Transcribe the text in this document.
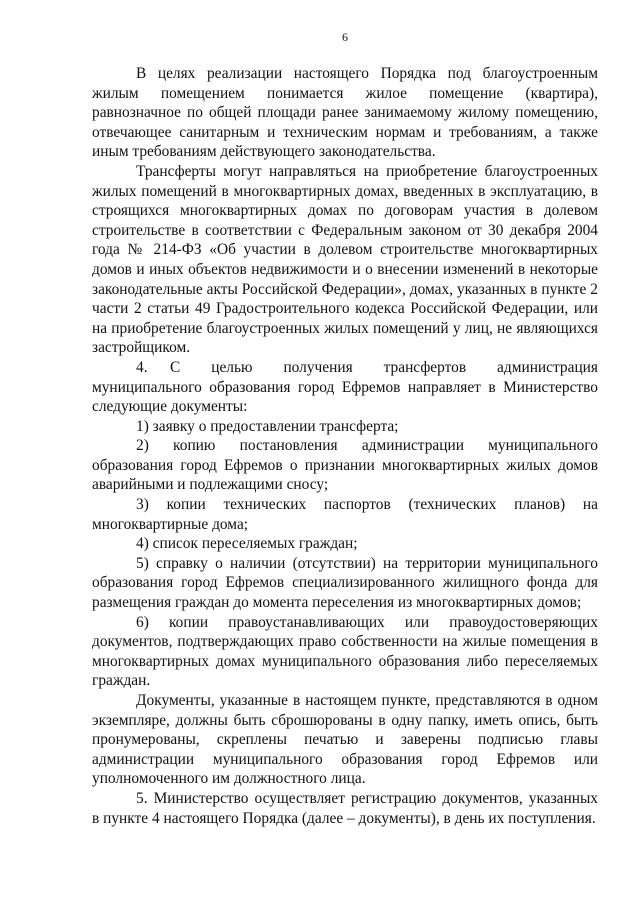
6

В целях реализации настоящего Порядка под благоустроенным жилым помещением понимается жилое помещение (квартира), равнозначное по общей площади ранее занимаемому жилому помещению, отвечающее санитарным и техническим нормам и требованиям, а также иным требованиям действующего законодательства.

Трансферты могут направляться на приобретение благоустроенных жилых помещений в многоквартирных домах, введенных в эксплуатацию, в строящихся многоквартирных домах по договорам участия в долевом строительстве в соответствии с Федеральным законом от 30 декабря 2004 года № 214-ФЗ «Об участии в долевом строительстве многоквартирных домов и иных объектов недвижимости и о внесении изменений в некоторые законодательные акты Российской Федерации», домах, указанных в пункте 2 части 2 статьи 49 Градостроительного кодекса Российской Федерации, или на приобретение благоустроенных жилых помещений у лиц, не являющихся застройщиком.

4. С целью получения трансфертов администрация муниципального образования город Ефремов направляет в Министерство следующие документы:

1) заявку о предоставлении трансферта;

2) копию постановления администрации муниципального образования город Ефремов о признании многоквартирных жилых домов аварийными и подлежащими сносу;

3) копии технических паспортов (технических планов) на многоквартирные дома;

4) список переселяемых граждан;

5) справку о наличии (отсутствии) на территории муниципального образования город Ефремов специализированного жилищного фонда для размещения граждан до момента переселения из многоквартирных домов;

6) копии правоустанавливающих или правоудостоверяющих документов, подтверждающих право собственности на жилые помещения в многоквартирных домах муниципального образования либо переселяемых граждан.

Документы, указанные в настоящем пункте, представляются в одном экземпляре, должны быть сброшюрованы в одну папку, иметь опись, быть пронумерованы, скреплены печатью и заверены подписью главы администрации муниципального образования город Ефремов или уполномоченного им должностного лица.

5. Министерство осуществляет регистрацию документов, указанных в пункте 4 настоящего Порядка (далее – документы), в день их поступления.
